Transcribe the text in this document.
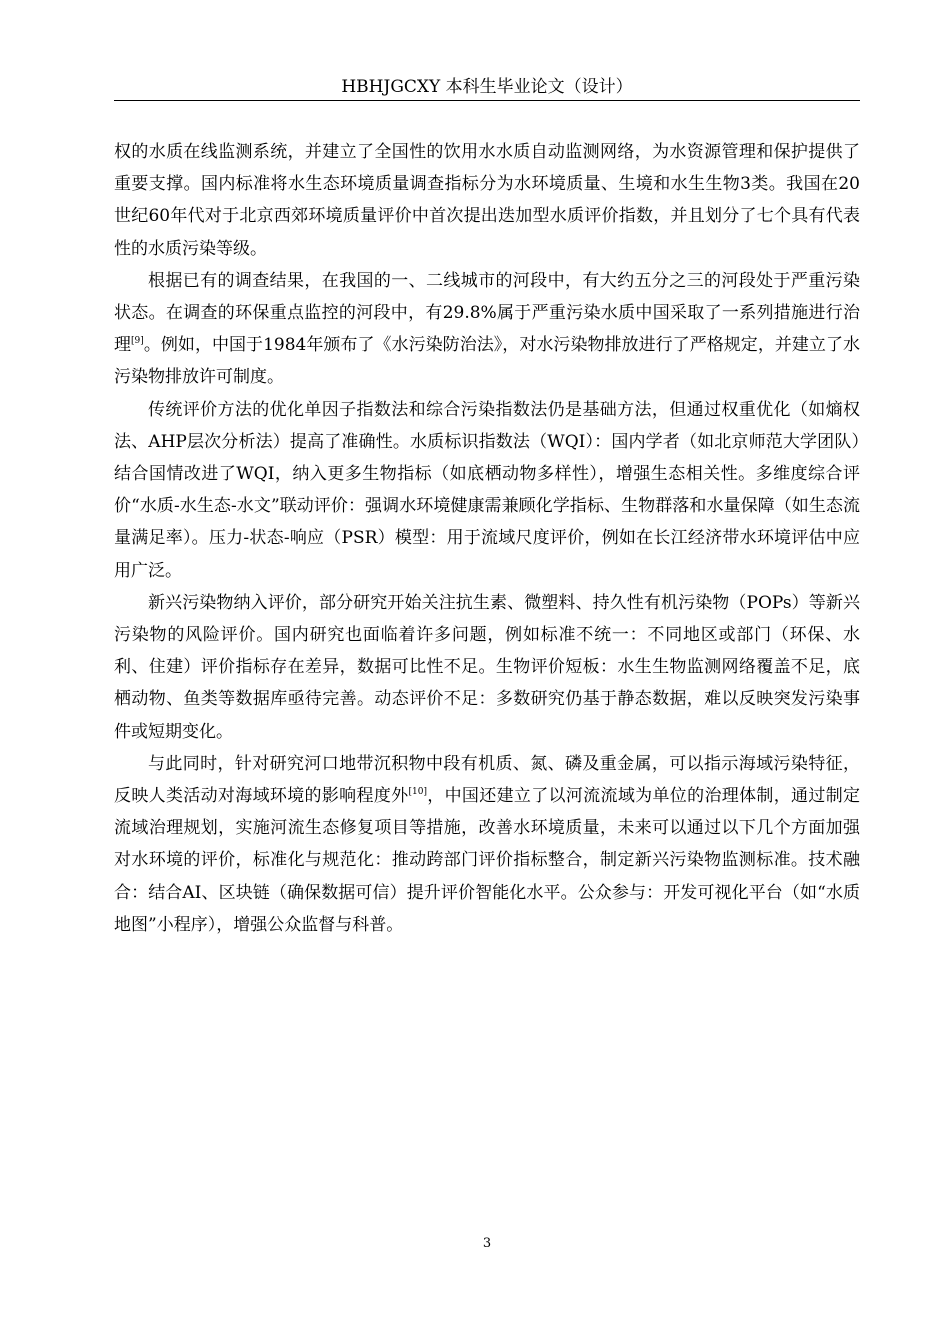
HBHJGCXY 本科生毕业论文（设计）

权的水质在线监测系统，并建立了全国性的饮用水水质自动监测网络，为水资源管理和保护提供了重要支撑。国内标准将水生态环境质量调查指标分为水环境质量、生境和水生生物3类。我国在20世纪60年代对于北京西郊环境质量评价中首次提出迭加型水质评价指数，并且划分了七个具有代表性的水质污染等级。

根据已有的调查结果，在我国的一、二线城市的河段中，有大约五分之三的河段处于严重污染状态。在调查的环保重点监控的河段中，有29.8%属于严重污染水质中国采取了一系列措施进行治理[9]。例如，中国于1984年颁布了《水污染防治法》，对水污染物排放进行了严格规定，并建立了水污染物排放许可制度。

传统评价方法的优化单因子指数法和综合污染指数法仍是基础方法，但通过权重优化（如熵权法、AHP层次分析法）提高了准确性。水质标识指数法（WQI）：国内学者（如北京师范大学团队）结合国情改进了WQI，纳入更多生物指标（如底栖动物多样性），增强生态相关性。多维度综合评价“水质-水生态-水文”联动评价：强调水环境健康需兼顾化学指标、生物群落和水量保障（如生态流量满足率）。压力-状态-响应（PSR）模型：用于流域尺度评价，例如在长江经济带水环境评估中应用广泛。

新兴污染物纳入评价，部分研究开始关注抗生素、微塑料、持久性有机污染物（POPs）等新兴污染物的风险评价。国内研究也面临着许多问题，例如标准不统一：不同地区或部门（环保、水利、住建）评价指标存在差异，数据可比性不足。生物评价短板：水生生物监测网络覆盖不足，底栖动物、鱼类等数据库亟待完善。动态评价不足：多数研究仍基于静态数据，难以反映突发污染事件或短期变化。

与此同时，针对研究河口地带沉积物中段有机质、氮、磷及重金属，可以指示海域污染特征，反映人类活动对海域环境的影响程度外[10]，中国还建立了以河流流域为单位的治理体制，通过制定流域治理规划，实施河流生态修复项目等措施，改善水环境质量，未来可以通过以下几个方面加强对水环境的评价，标准化与规范化：推动跨部门评价指标整合，制定新兴污染物监测标准。技术融合：结合AI、区块链（确保数据可信）提升评价智能化水平。公众参与：开发可视化平台（如“水质地图”小程序），增强公众监督与科普。

3
